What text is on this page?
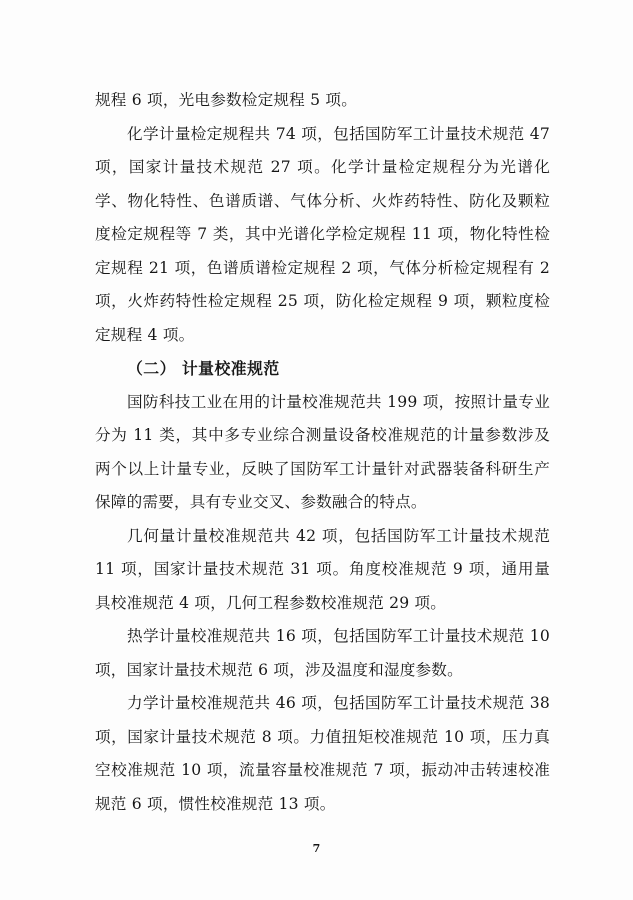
规程 6 项，光电参数检定规程 5 项。

化学计量检定规程共 74 项，包括国防军工计量技术规范 47 项，国家计量技术规范 27 项。化学计量检定规程分为光谱化学、物化特性、色谱质谱、气体分析、火炸药特性、防化及颗粒度检定规程等 7 类，其中光谱化学检定规程 11 项，物化特性检定规程 21 项，色谱质谱检定规程 2 项，气体分析检定规程有 2 项，火炸药特性检定规程 25 项，防化检定规程 9 项，颗粒度检定规程 4 项。

（二） 计量校准规范

国防科技工业在用的计量校准规范共 199 项，按照计量专业分为 11 类，其中多专业综合测量设备校准规范的计量参数涉及两个以上计量专业，反映了国防军工计量针对武器装备科研生产保障的需要，具有专业交叉、参数融合的特点。

几何量计量校准规范共 42 项，包括国防军工计量技术规范 11 项，国家计量技术规范 31 项。角度校准规范 9 项，通用量具校准规范 4 项，几何工程参数校准规范 29 项。

热学计量校准规范共 16 项，包括国防军工计量技术规范 10 项，国家计量技术规范 6 项，涉及温度和湿度参数。

力学计量校准规范共 46 项，包括国防军工计量技术规范 38 项，国家计量技术规范 8 项。力值扭矩校准规范 10 项，压力真空校准规范 10 项，流量容量校准规范 7 项，振动冲击转速校准规范 6 项，惯性校准规范 13 项。

7
